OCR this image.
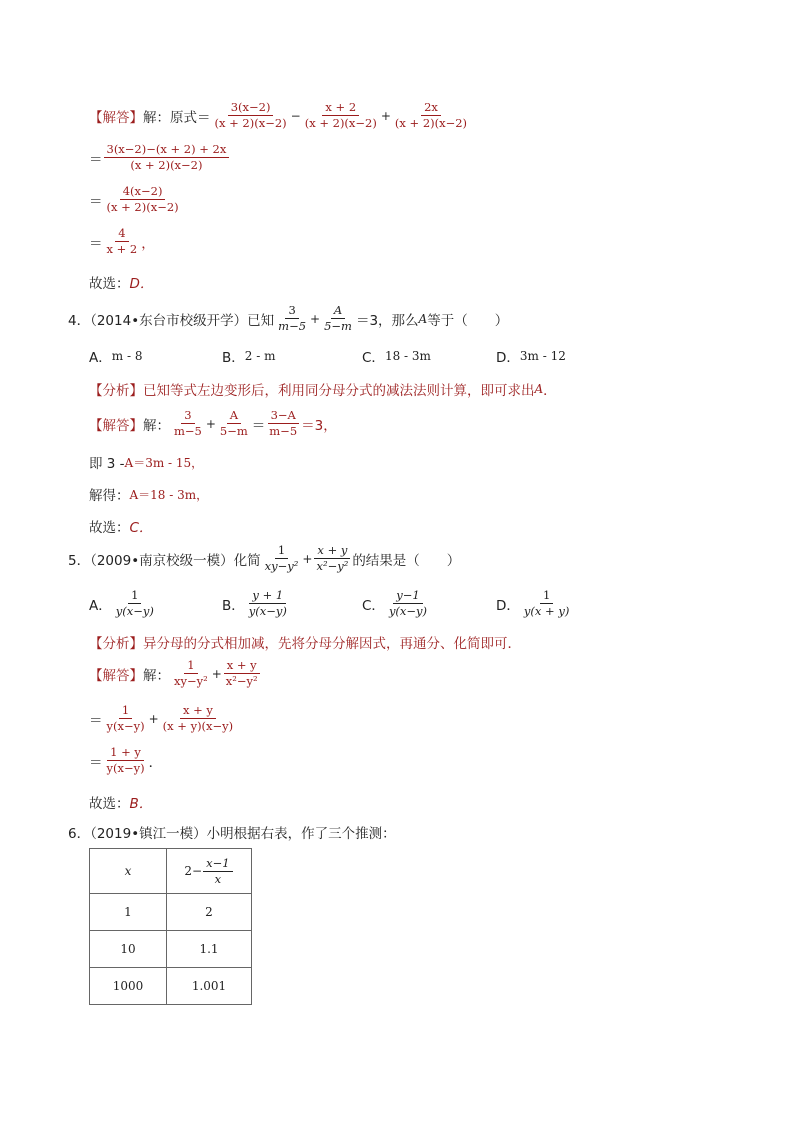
【解答】 解： 原式＝ $\frac{3(x-2)}{(x + 2)(x-2)} - \frac{x + 2}{(x + 2)(x-2)} + \frac{2x}{(x + 2)(x-2)}$
＝ $\frac{3(x-2)-(x + 2) + 2x}{(x + 2)(x-2)}$
＝ $\frac{4(x-2)}{(x + 2)(x-2)}$
＝ $\frac{4}{x + 2}$ ，
故选： D．
4．（2014•东台市校级开学）已知 $\frac{3}{m-5} + \frac{A}{5-m} =3$，那么 A 等于（　　）
A． m - 8	B． 2 - m	C． 18 - 3m	D． 3m - 12
【分析】 已知等式左边变形后，利用同分母分式的减法法则计算，即可求出 A ．
【解答】 解： $\frac{3}{m-5} + \frac{A}{5-m} = \frac{3-A}{m-5} =3$，
即 3 - A＝3m - 15，
解得： A＝18 - 3m，
故选： C．
5．（2009•南京校级一模）化简 $\frac{1}{\text{xy−y²}} + \frac{x + y}{\text{x²−y²}}$ 的结果是（　　）
A． $\frac{1}{y(x-y)}$	B． $\frac{y + 1}{y(x-y)}$	C． $\frac{y-1}{y(x-y)}$	D． $\frac{1}{y(x + y)}$
【分析】 异分母的分式相加减，先将分母分解因式，再通分、化简即可．
【解答】 解： $\frac{1}{\text{xy−y²}} + \frac{x + y}{\text{x²−y²}}$
＝ $\frac{1}{y(x-y)} + \frac{x + y}{(x + y)(x-y)}$
＝ $\frac{1 + y}{y(x-y)}$ ．
故选： B．
6．（2019•镇江一模）小明根据右表，作了三个推测：
x	$2- \frac{x-1}{x}$

1	2
10	1.1
1000	1.001
